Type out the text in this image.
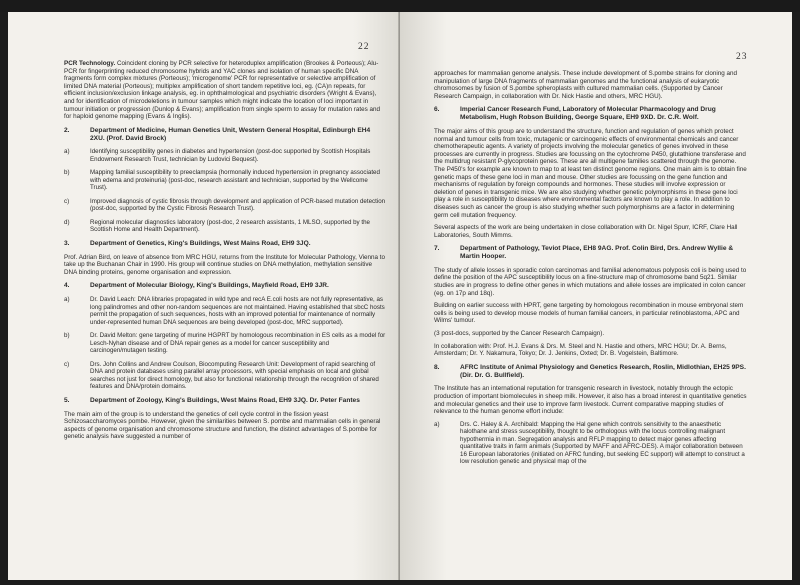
22

PCR Technology. Coincident cloning by PCR selective for heteroduplex amplification (Brookes & Porteous); Alu-PCR for fingerprinting reduced chromosome hybrids and YAC clones and isolation of human specific DNA fragments form complex mixtures (Porteous); 'microgenome' PCR for representative or selective amplification of limited DNA material (Porteous); multiplex amplification of short tandem repetitive loci, eg. (CA)n repeats, for efficient inclusion/exclusion linkage analysis, eg. in ophthalmological and psychiatric disorders (Wright & Evans), and for identification of microdeletions in tumour samples which might indicate the location of loci important in tumour initiation or progression (Dunlop & Evans); amplification from single sperm to assay for mutation rates and for haploid genome mapping (Evans & Inglis).

2.	Department of Medicine, Human Genetics Unit, Western General Hospital, Edinburgh EH4 2XU. (Prof. David Brock)
a)	Identifying susceptibility genes in diabetes and hypertension (post-doc supported by Scottish Hospitals Endowment Research Trust, technician by Ludovici Bequest).
b)	Mapping familial susceptibility to preeclampsia (hormonally induced hypertension in pregnancy associated with edema and proteinuria) (post-doc, research assistant and technician, supported by the Wellcome Trust).
c)	Improved diagnosis of cystic fibrosis through development and application of PCR-based mutation detection (post-doc, supported by the Cystic Fibrosis Research Trust).
d)	Regional molecular diagnostics laboratory (post-doc, 2 research assistants, 1 MLSO, supported by the Scottish Home and Health Department).
3.	Department of Genetics, King's Buildings, West Mains Road, EH9 3JQ.

Prof. Adrian Bird, on leave of absence from MRC HGU, returns from the Institute for Molecular Pathology, Vienna to take up the Buchanan Chair in 1990. His group will continue studies on DNA methylation, methylation sensitive DNA binding proteins, genome organisation and expression.

4.	Department of Molecular Biology, King's Buildings, Mayfield Road, EH9 3JR.
a)	Dr. David Leach: DNA libraries propagated in wild type and recA E.coli hosts are not fully representative, as long palindromes and other non-random sequences are not maintained. Having established that sbcC hosts permit the propagation of such sequences, hosts with an improved potential for maintenance of normally under-represented human DNA sequences are being developed (post-doc, MRC supported).
b)	Dr. David Melton: gene targeting of murine HGPRT by homologous recombination in ES cells as a model for Lesch-Nyhan disease and of DNA repair genes as a model for cancer susceptibility and carcinogen/mutagen testing.
c)	Drs. John Collins and Andrew Coulson, Biocomputing Research Unit: Development of rapid searching of DNA and protein databases using parallel array processors, with special emphasis on local and global searches not just for direct homology, but also for functional relationship through the recognition of shared features and DNA/protein domains.
5.	Department of Zoology, King's Buildings, West Mains Road, EH9 3JQ. Dr. Peter Fantes

The main aim of the group is to understand the genetics of cell cycle control in the fission yeast Schizosaccharomyces pombe. However, given the similarities between S. pombe and mammalian cells in general aspects of genome organisation and chromosome structure and function, the distinct advantages of S.pombe for genetic analysis have suggested a number of

23

approaches for mammalian genome analysis. These include development of S.pombe strains for cloning and manipulation of large DNA fragments of mammalian genomes and the functional analysis of eukaryotic chromosomes by fusion of S.pombe spheroplasts with cultured mammalian cells. (Supported by Cancer Research Campaign, in collaboration with Dr. Nick Hastie and others, MRC HGU).

6.	Imperial Cancer Research Fund, Laboratory of Molecular Pharmacology and Drug Metabolism, Hugh Robson Building, George Square, EH9 9XD. Dr. C.R. Wolf.

The major aims of this group are to understand the structure, function and regulation of genes which protect normal and tumour cells from toxic, mutagenic or carcinogenic effects of environmental chemicals and cancer chemotherapeutic agents. A variety of projects involving the molecular genetics of genes involved in these processes are currently in progress. Studies are focussing on the cytochrome P450, glutathione transferase and the multidrug resistant P-glycoprotein genes. These are all multigene families scattered through the genome. The P450's for example are known to map to at least ten distinct genome regions. One main aim is to obtain fine genetic maps of these gene loci in man and mouse. Other studies are focussing on the gene function and mechanisms of regulation by foreign compounds and hormones. These studies will involve expression or deletion of genes in transgenic mice. We are also studying whether genetic polymorphisms in these gene loci play a role in susceptibility to diseases where environmental factors are known to play a role. In addition to diseases such as cancer the group is also studying whether such polymorphisms are a factor in determining germ cell mutation frequency.

Several aspects of the work are being undertaken in close collaboration with Dr. Nigel Spurr, ICRF, Clare Hall Laboratories, South Mimms.

7.	Department of Pathology, Teviot Place, EH8 9AG. Prof. Colin Bird, Drs. Andrew Wyllie & Martin Hooper.

The study of allele losses in sporadic colon carcinomas and familial adenomatous polyposis coli is being used to define the position of the APC susceptibility locus on a fine-structure map of chromosome band 5q21. Similar studies are in progress to define other genes in which mutations and allele losses are implicated in colon cancer (eg. on 17p and 18q).

Building on earlier success with HPRT, gene targeting by homologous recombination in mouse embryonal stem cells is being used to develop mouse models of human familial cancers, in particular retinoblastoma, APC and Wilms' tumour.

(3 post-docs, supported by the Cancer Research Campaign).

In collaboration with: Prof. H.J. Evans & Drs. M. Steel and N. Hastie and others, MRC HGU; Dr. A. Berns, Amsterdam; Dr. Y. Nakamura, Tokyo; Dr. J. Jenkins, Oxted; Dr. B. Vogelstein, Baltimore.

8.	AFRC Institute of Animal Physiology and Genetics Research, Roslin, Midlothian, EH25 9PS. (Dir. Dr. G. Bullfield).

The Institute has an international reputation for transgenic research in livestock, notably through the ectopic production of important biomolecules in sheep milk. However, it also has a broad interest in quantitative genetics and molecular genetics and their use to improve farm livestock. Current comparative mapping studies of relevance to the human genome effort include:

a)	Drs. C. Haley & A. Archibald: Mapping the Hal gene which controls sensitivity to the anaesthetic halothane and stress susceptibility, thought to be orthologous with the locus controlling malignant hypothermia in man. Segregation analysis and RFLP mapping to detect major genes affecting quantitative traits in farm animals (Supported by MAFF and AFRC-DES). A major collaboration between 16 European laboratories (initiated on AFRC funding, but seeking EC support) will attempt to construct a low resolution genetic and physical map of the
